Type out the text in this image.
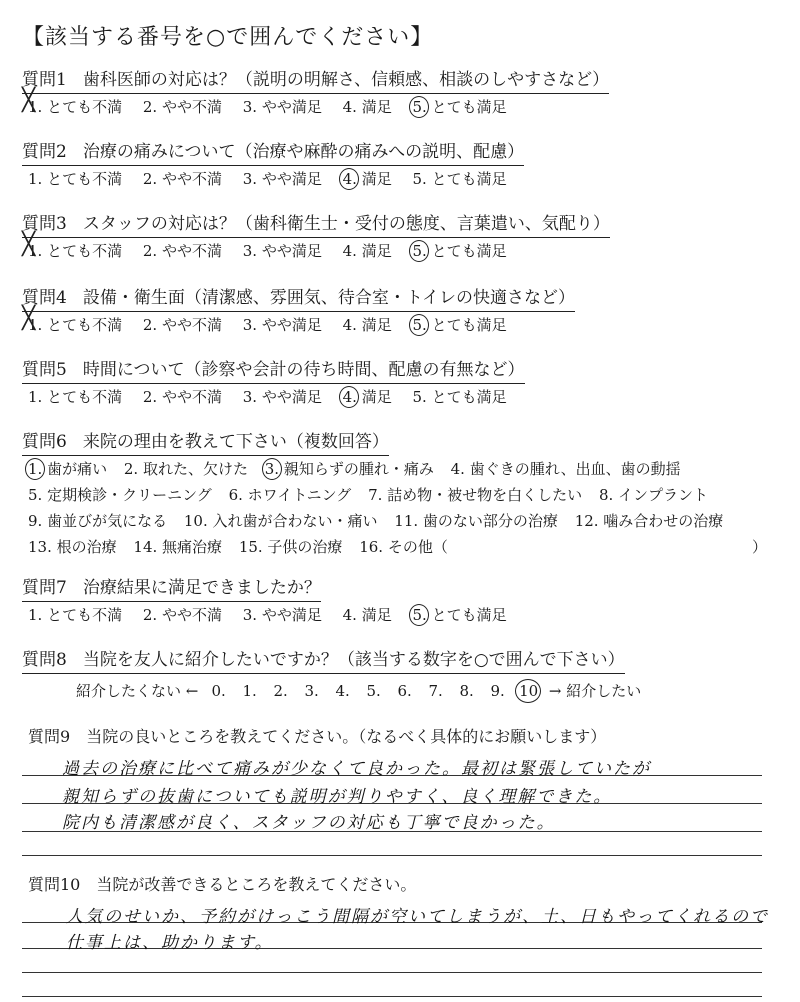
【該当する番号を○で囲んでください】
質問1 歯科医師の対応は？（説明の明解さ、信頼感、相談のしやすさなど）
1. とても不満 ╳ 2. やや不満 3. やや満足 4. 満足 5. とても満足
質問2 治療の痛みについて（治療や麻酔の痛みへの説明、配慮）
1. とても不満 2. やや不満 3. やや満足 4. 満足 5. とても満足
質問3 スタッフの対応は？（歯科衛生士・受付の態度、言葉遣い、気配り）
1. とても不満 ╳ 2. やや不満 3. やや満足 4. 満足 5. とても満足
質問4 設備・衛生面（清潔感、雰囲気、待合室・トイレの快適さなど）
1. とても不満 ╳ 2. やや不満 3. やや満足 4. 満足 5. とても満足
質問5 時間について（診察や会計の待ち時間、配慮の有無など）
1. とても不満 2. やや不満 3. やや満足 4. 満足 5. とても満足
質問6 来院の理由を教えて下さい（複数回答）
1. 歯が痛い 2. 取れた、欠けた 3. 親知らずの腫れ・痛み 4. 歯ぐきの腫れ、出血、歯の動揺
5. 定期検診・クリーニング 6. ホワイトニング 7. 詰め物・被せ物を白くしたい 8. インプラント
9. 歯並びが気になる 10. 入れ歯が合わない・痛い 11. 歯のない部分の治療 12. 噛み合わせの治療
13. 根の治療 14. 無痛治療 15. 子供の治療 16. その他（	）
質問7 治療結果に満足できましたか？
1. とても不満 2. やや不満 3. やや満足 4. 満足 5. とても満足
質問8 当院を友人に紹介したいですか？（該当する数字を○で囲んで下さい）
紹介したくない ← 0. 1. 2. 3. 4. 5. 6. 7. 8. 9. 10 → 紹介したい
質問9 当院の良いところを教えてください。（なるべく具体的にお願いします）
過去の治療に比べて痛みが少なくて良かった。最初は緊張していたが
親知らずの抜歯についても説明が判りやすく、良く理解できた。
院内も清潔感が良く、スタッフの対応も丁寧で良かった。
質問10 当院が改善できるところを教えてください。
人気のせいか、予約がけっこう間隔が空いてしまうが、土、日もやってくれるので
仕事上は、助かります。
